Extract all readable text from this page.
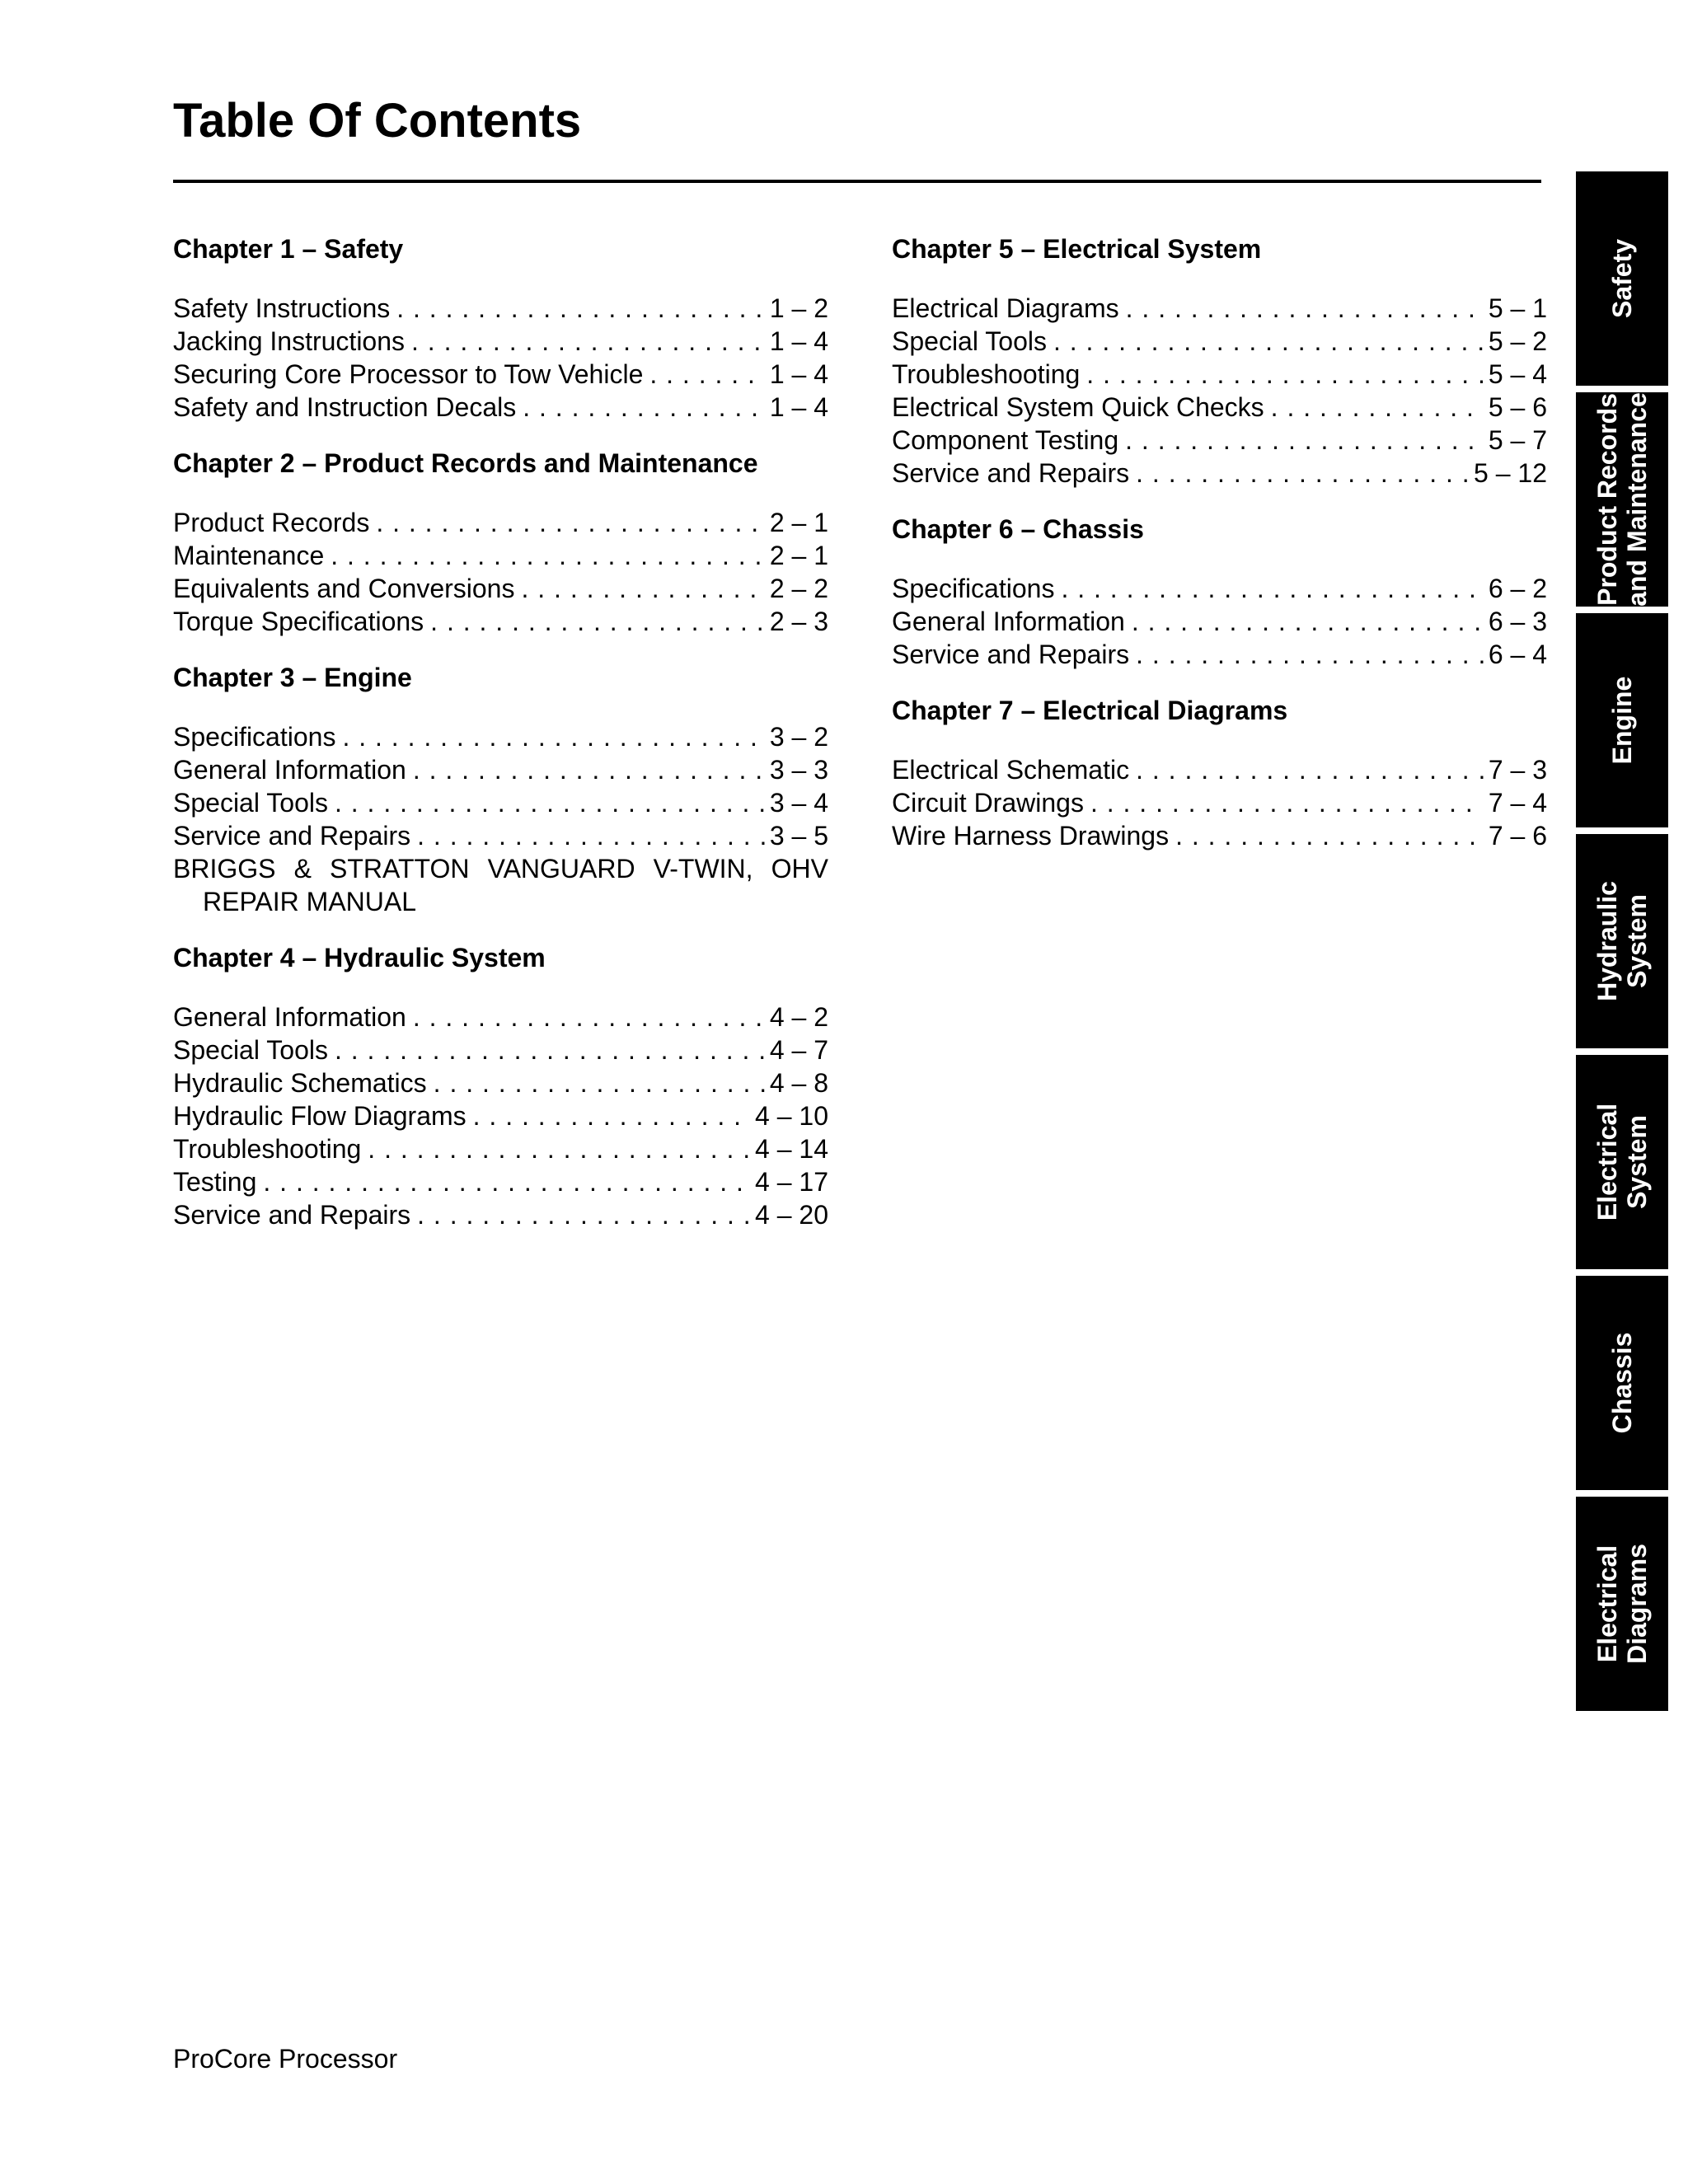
Table Of Contents
Chapter 1 – Safety
Safety Instructions . . .	1 – 2
Jacking Instructions . . .	1 – 4
Securing Core Processor to Tow Vehicle . . .	1 – 4
Safety and Instruction Decals . . .	1 – 4
Chapter 2 – Product Records and Maintenance
Product Records . . .	2 – 1
Maintenance . . .	2 – 1
Equivalents and Conversions . . .	2 – 2
Torque Specifications . . .	2 – 3
Chapter 3 – Engine
Specifications . . .	3 – 2
General Information . . .	3 – 3
Special Tools . . .	3 – 4
Service and Repairs . . .	3 – 5

BRIGGS & STRATTON VANGUARD V-TWIN, OHV

REPAIR MANUAL

Chapter 4 – Hydraulic System
General Information . . .	4 – 2
Special Tools . . .	4 – 7
Hydraulic Schematics . . .	4 – 8
Hydraulic Flow Diagrams . . .	4 – 10
Troubleshooting . . .	4 – 14
Testing . . .	4 – 17
Service and Repairs . . .	4 – 20
Chapter 5 – Electrical System
Electrical Diagrams . . .	5 – 1
Special Tools . . .	5 – 2
Troubleshooting . . .	5 – 4
Electrical System Quick Checks . . .	5 – 6
Component Testing . . .	5 – 7
Service and Repairs . . .	5 – 12
Chapter 6 – Chassis
Specifications . . .	6 – 2
General Information . . .	6 – 3
Service and Repairs . . .	6 – 4
Chapter 7 – Electrical Diagrams
Electrical Schematic . . .	7 – 3
Circuit Drawings . . .	7 – 4
Wire Harness Drawings . . .	7 – 6
Safety
Product Records
and Maintenance
Engine
Hydraulic
System
Electrical
System
Chassis
Electrical
Diagrams
ProCore Processor
